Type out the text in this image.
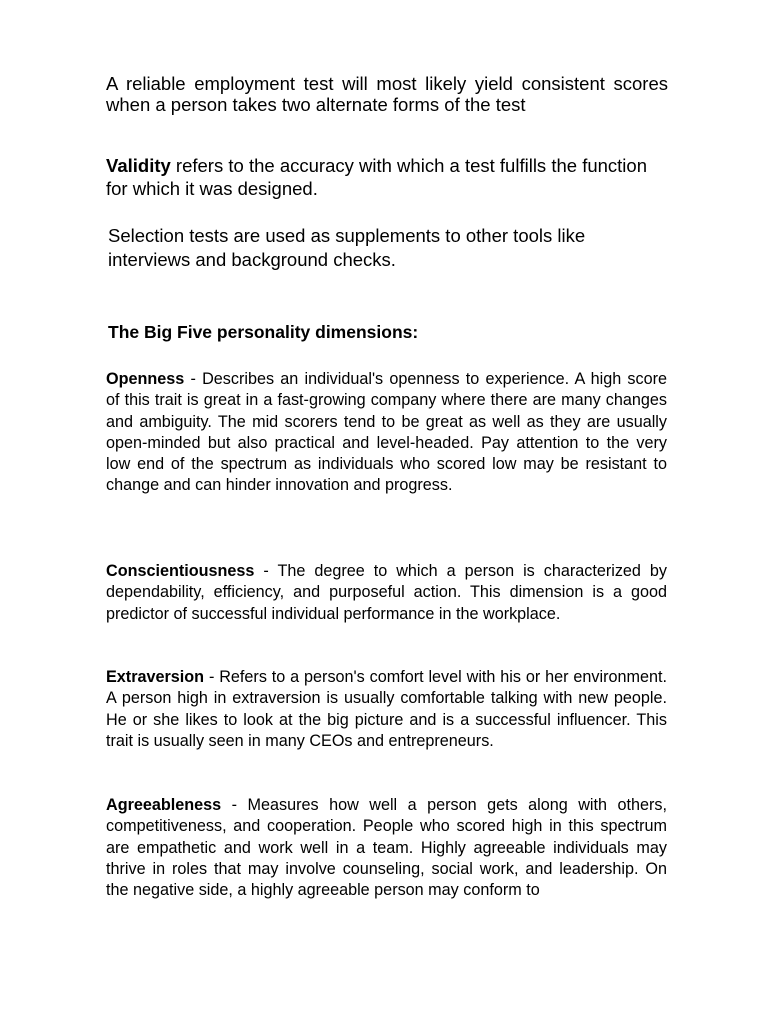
A reliable employment test will most likely yield consistent scores when a person takes two alternate forms of the test

Validity refers to the accuracy with which a test fulfills the function for which it was designed.

Selection tests are used as supplements to other tools like interviews and background checks.

The Big Five personality dimensions:

Openness - Describes an individual's openness to experience. A high score of this trait is great in a fast-growing company where there are many changes and ambiguity. The mid scorers tend to be great as well as they are usually open-minded but also practical and level-headed. Pay attention to the very low end of the spectrum as individuals who scored low may be resistant to change and can hinder innovation and progress.

Conscientiousness - The degree to which a person is characterized by dependability, efficiency, and purposeful action. This dimension is a good predictor of successful individual performance in the workplace.

Extraversion - Refers to a person's comfort level with his or her environment. A person high in extraversion is usually comfortable talking with new people. He or she likes to look at the big picture and is a successful influencer. This trait is usually seen in many CEOs and entrepreneurs.

Agreeableness - Measures how well a person gets along with others, competitiveness, and cooperation. People who scored high in this spectrum are empathetic and work well in a team. Highly agreeable individuals may thrive in roles that may involve counseling, social work, and leadership. On the negative side, a highly agreeable person may conform to
